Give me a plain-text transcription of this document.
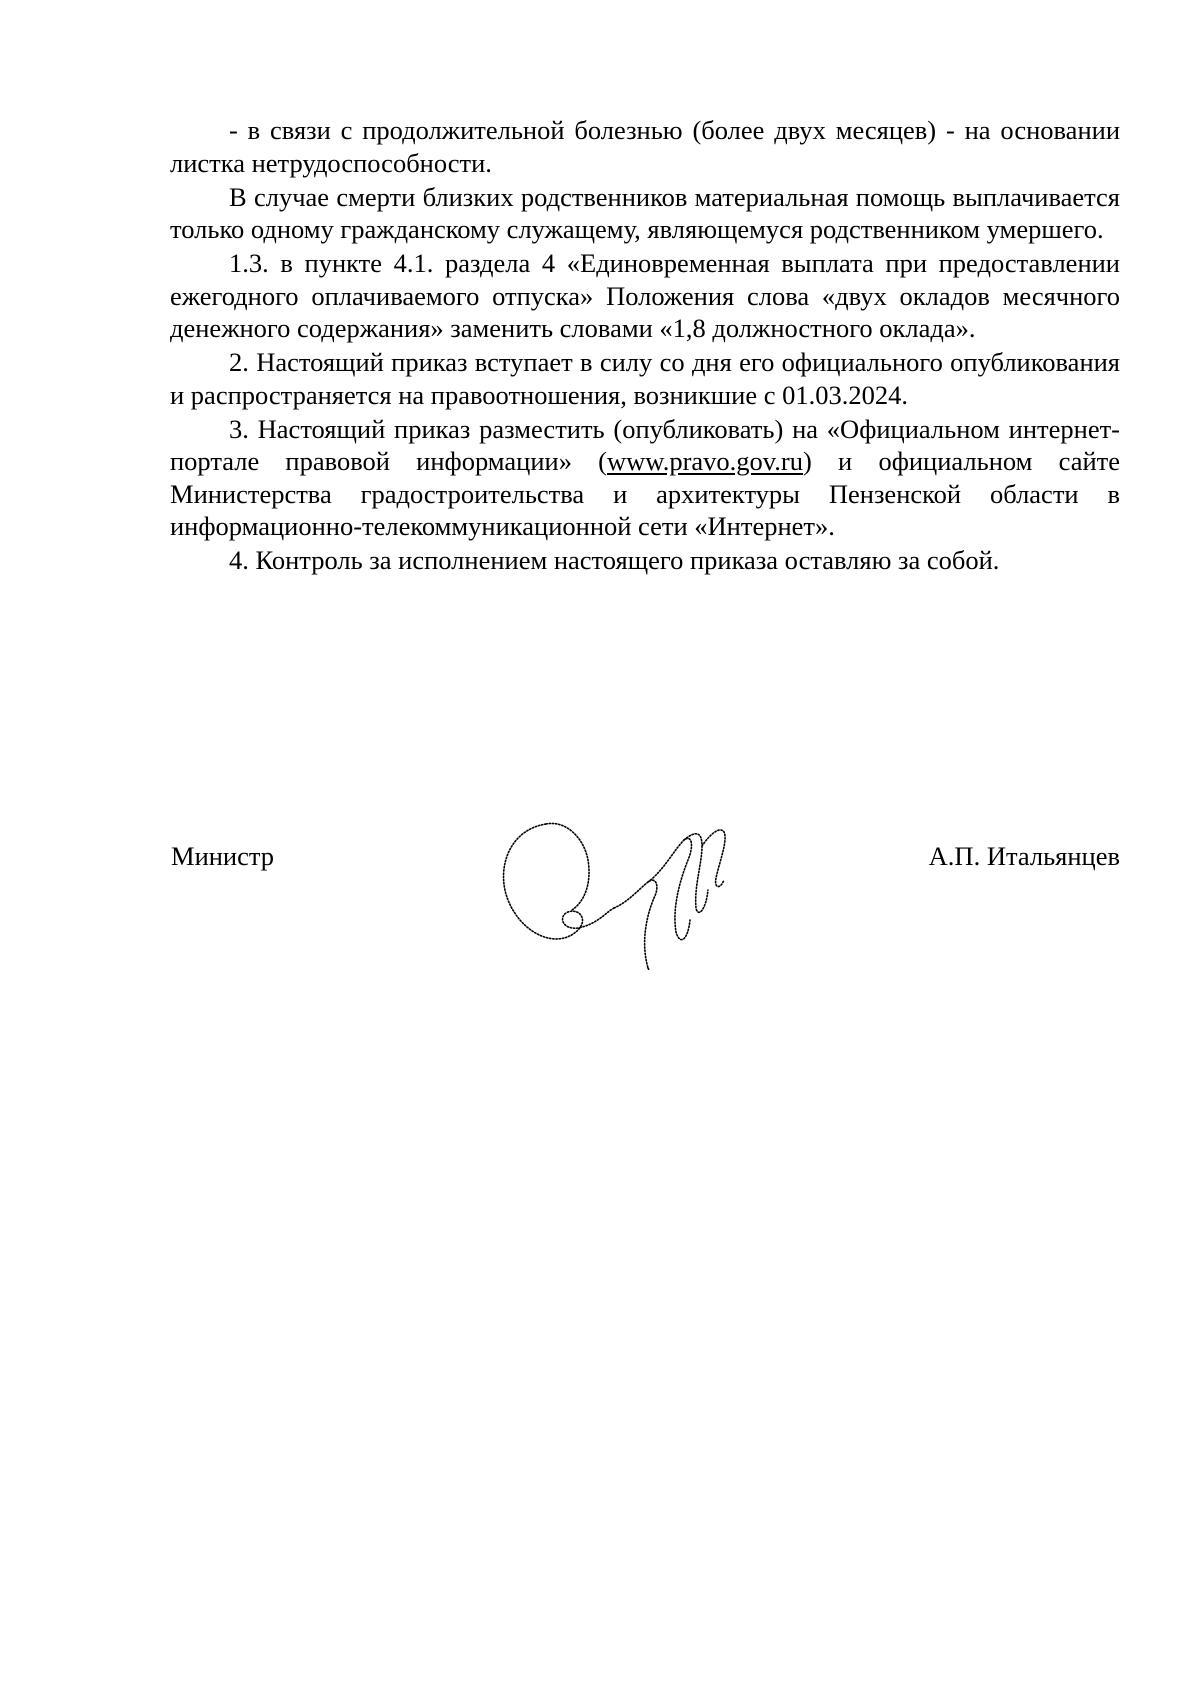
- в связи с продолжительной болезнью (более двух месяцев) - на основании листка нетрудоспособности.

В случае смерти близких родственников материальная помощь выплачивается только одному гражданскому служащему, являющемуся родственником умершего.

1.3. в пункте 4.1. раздела 4 «Единовременная выплата при предоставлении ежегодного оплачиваемого отпуска» Положения слова «двух окладов месячного денежного содержания» заменить словами «1,8 должностного оклада».

2. Настоящий приказ вступает в силу со дня его официального опубликования и распространяется на правоотношения, возникшие с 01.03.2024.

3. Настоящий приказ разместить (опубликовать) на «Официальном интернет-портале правовой информации» (www.pravo.gov.ru) и официальном сайте Министерства градостроительства и архитектуры Пензенской области в информационно-телекоммуникационной сети «Интернет».

4. Контроль за исполнением настоящего приказа оставляю за собой.

Министр	А.П. Итальянцев
